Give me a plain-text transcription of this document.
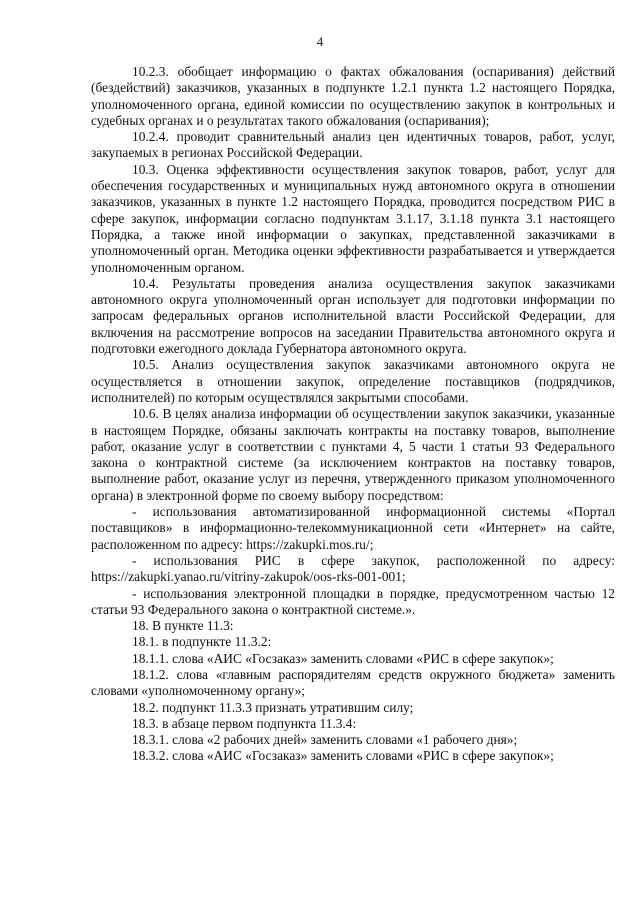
4

10.2.3. обобщает информацию о фактах обжалования (оспаривания) действий (бездействий) заказчиков, указанных в подпункте 1.2.1 пункта 1.2 настоящего Порядка, уполномоченного органа, единой комиссии по осуществлению закупок в контрольных и судебных органах и о результатах такого обжалования (оспаривания);

10.2.4. проводит сравнительный анализ цен идентичных товаров, работ, услуг, закупаемых в регионах Российской Федерации.

10.3. Оценка эффективности осуществления закупок товаров, работ, услуг для обеспечения государственных и муниципальных нужд автономного округа в отношении заказчиков, указанных в пункте 1.2 настоящего Порядка, проводится посредством РИС в сфере закупок, информации согласно подпунктам 3.1.17, 3.1.18 пункта 3.1 настоящего Порядка, а также иной информации о закупках, представленной заказчиками в уполномоченный орган. Методика оценки эффективности разрабатывается и утверждается уполномоченным органом.

10.4. Результаты проведения анализа осуществления закупок заказчиками автономного округа уполномоченный орган использует для подготовки информации по запросам федеральных органов исполнительной власти Российской Федерации, для включения на рассмотрение вопросов на заседании Правительства автономного округа и подготовки ежегодного доклада Губернатора автономного округа.

10.5. Анализ осуществления закупок заказчиками автономного округа не осуществляется в отношении закупок, определение поставщиков (подрядчиков, исполнителей) по которым осуществлялся закрытыми способами.

10.6. В целях анализа информации об осуществлении закупок заказчики, указанные в настоящем Порядке, обязаны заключать контракты на поставку товаров, выполнение работ, оказание услуг в соответствии с пунктами 4, 5 части 1 статьи 93 Федерального закона о контрактной системе (за исключением контрактов на поставку товаров, выполнение работ, оказание услуг из перечня, утвержденного приказом уполномоченного органа) в электронной форме по своему выбору посредством:

- использования автоматизированной информационной системы «Портал поставщиков» в информационно-телекоммуникационной сети «Интернет» на сайте, расположенном по адресу: https://zakupki.mos.ru/;

- использования РИС в сфере закупок, расположенной по адресу: https://zakupki.yanao.ru/vitriny-zakupok/oos-rks-001-001;

- использования электронной площадки в порядке, предусмотренном частью 12 статьи 93 Федерального закона о контрактной системе.».

18. В пункте 11.3:

18.1. в подпункте 11.3.2:

18.1.1. слова «АИС «Госзаказ» заменить словами «РИС в сфере закупок»;

18.1.2. слова «главным распорядителям средств окружного бюджета» заменить словами «уполномоченному органу»;

18.2. подпункт 11.3.3 признать утратившим силу;

18.3. в абзаце первом подпункта 11.3.4:

18.3.1. слова «2 рабочих дней» заменить словами «1 рабочего дня»;

18.3.2. слова «АИС «Госзаказ» заменить словами «РИС в сфере закупок»;
